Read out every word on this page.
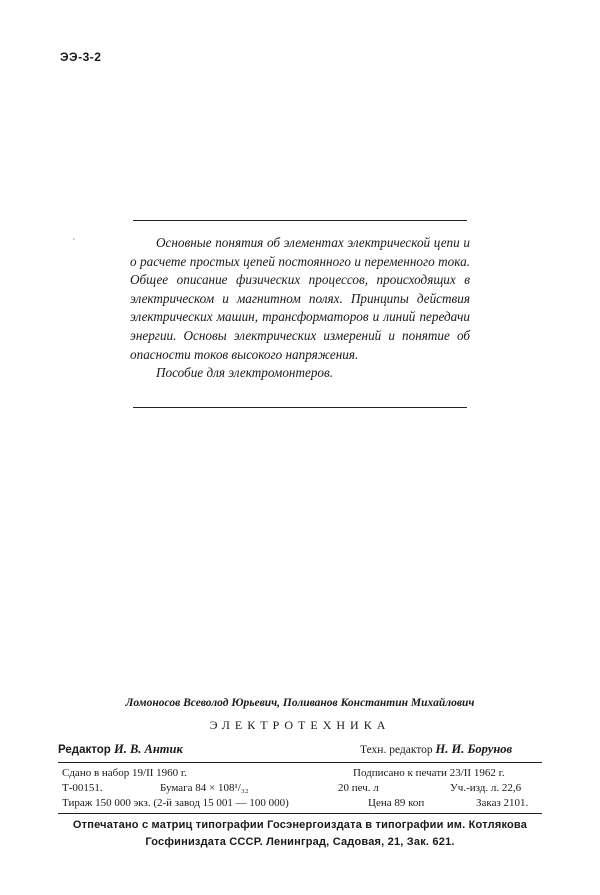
ЭЭ-3-2
`	Основные понятия об элементах электрической цепи и о расчете простых цепей постоянного и переменного тока. Общее описание физических процессов, происходящих в электрическом и магнитном полях. Принципы действия электрических машин, трансформаторов и линий передачи энергии. Основы электрических измерений и понятие об опасности токов высокого напряжения.

Пособие для электромонтеров.

Ломоносов Всеволод Юрьевич, Поливанов Константин Михайлович
ЭЛЕКТРОТЕХНИКА
Редактор И. В. Антик	Техн. редактор Н. И. Борунов
Сдано в набор 19/II 1960 г.	Подписано к печати 23/II 1962 г.
Т-00151.	Бумага 84 × 108¹/₃₂	20 печ. л	Уч.-изд. л. 22,6
Тираж 150 000 экз. (2-й завод 15 001 — 100 000)	Цена 89 коп	Заказ 2101.
Отпечатано с матриц типографии Госэнергоиздата в типографии им. Котлякова
Госфиниздата СССР. Ленинград, Садовая, 21, Зак. 621.
